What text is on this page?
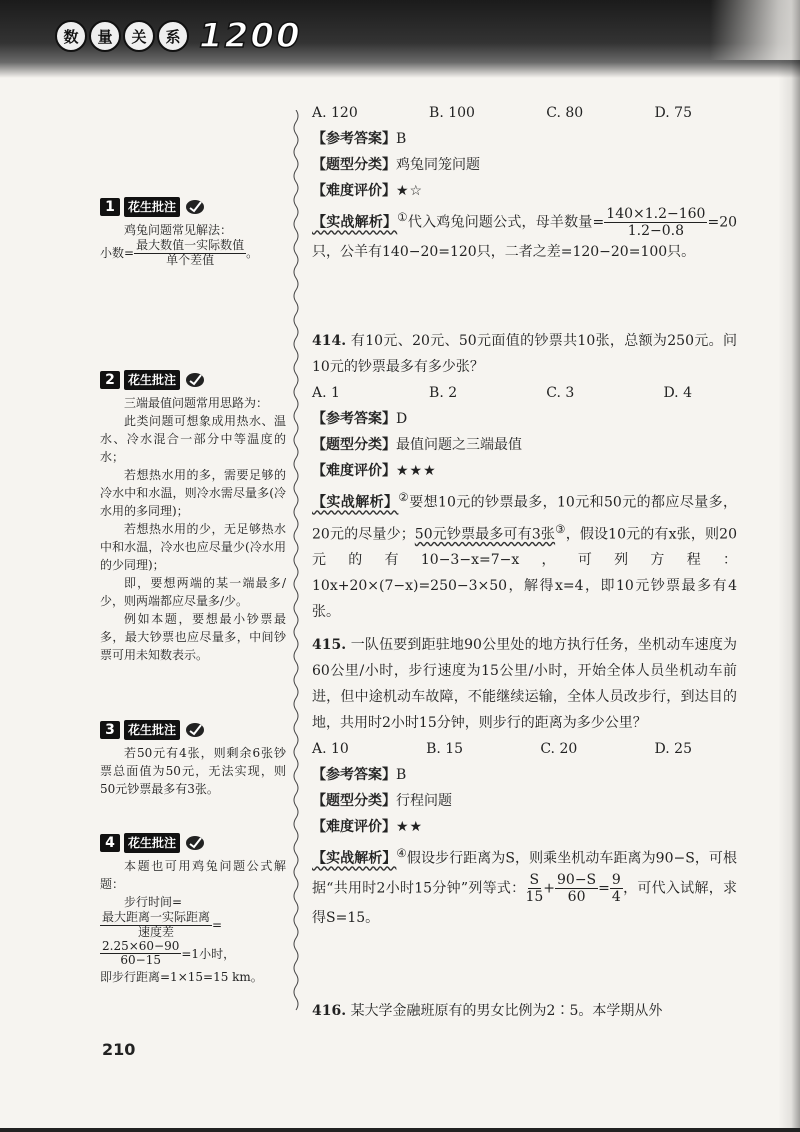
数	量	关	系 1200
1	花生批注

鸡兔问题常见解法：

小数= $\frac{\text{最大数值一实际数值}}{\text{单个差值}}$ 。

2	花生批注

三端最值问题常用思路为：

此类问题可想象成用热水、温水、冷水混合一部分中等温度的水；

若想热水用的多，需要足够的冷水中和水温，则冷水需尽量多(冷水用的多同理)；

若想热水用的少，无足够热水中和水温，冷水也应尽量少(冷水用的少同理)；

即，要想两端的某一端最多/少，则两端都应尽量多/少。

例如本题，要想最小钞票最多，最大钞票也应尽量多，中间钞票可用未知数表示。

3	花生批注

若50元有4张，则剩余6张钞票总面值为50元，无法实现，则50元钞票最多有3张。

4	花生批注

本题也可用鸡兔问题公式解题：

步行时间=

$\frac{\text{最大距离一实际距离}}{\text{速度差}}$ =

$\frac{2.25\times 60-90}{60-15} =1$小时，

即步行距离=1×15=15 km。

A. 120	B. 100	C. 80	D. 75

【参考答案】B

【题型分类】鸡兔同笼问题

【难度评价】★☆

【实战解析】①代入鸡兔问题公式，母羊数量= $\frac{140\times 1.2-160}{1.2-0.8} =20$只，公羊有140−20=120只，二者之差=120−20=100只。

414. 有10元、20元、50元面值的钞票共10张，总额为250元。问10元的钞票最多有多少张？

A. 1	B. 2	C. 3	D. 4

【参考答案】D

【题型分类】最值问题之三端最值

【难度评价】★★★

【实战解析】②要想10元的钞票最多，10元和50元的都应尽量多，20元的尽量少；50元钞票最多可有3张③，假设10元的有x张，则20元的有10−3−x=7−x，可列方程：10x+20×(7−x)=250−3×50，解得x=4，即10元钞票最多有4张。

415. 一队伍要到距驻地90公里处的地方执行任务，坐机动车速度为60公里/小时，步行速度为15公里/小时，开始全体人员坐机动车前进，但中途机动车故障，不能继续运输，全体人员改步行，到达目的地，共用时2小时15分钟，则步行的距离为多少公里？

A. 10	B. 15	C. 20	D. 25

【参考答案】B

【题型分类】行程问题

【难度评价】★★

【实战解析】④假设步行距离为S，则乘坐机动车距离为90−S，可根据“共用时2小时15分钟”列等式： $\frac{S}{15} + \frac{90-S}{60} = \frac{9}{4}$ ，可代入试解，求得S=15。

416. 某大学金融班原有的男女比例为2∶5。本学期从外

210
